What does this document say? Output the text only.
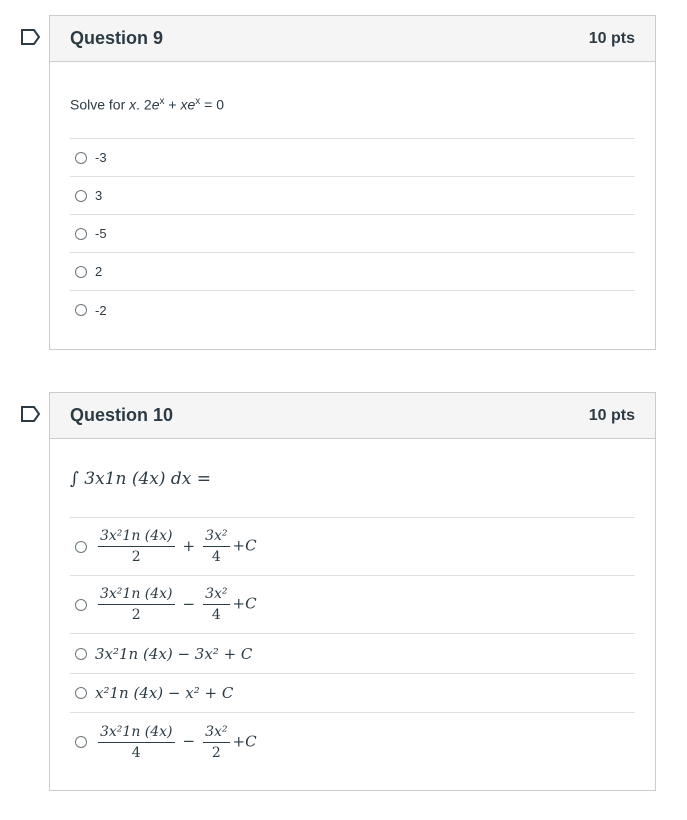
Question 9	10 pts
Solve for x. $2e^x + xe^x = 0$
-3
3
-5
2
-2
Question 10	10 pts
∫ 3x1n (4x) dx =
$\frac{\text{3x²1n (4x)}}{2} + \frac{\text{3x²}}{4} +C$
$\frac{\text{3x²1n (4x)}}{2} - \frac{\text{3x²}}{4} +C$
3x²1n (4x) − 3x² + C
x²1n (4x) − x² + C
$\frac{\text{3x²1n (4x)}}{4} - \frac{\text{3x²}}{2} +C$
